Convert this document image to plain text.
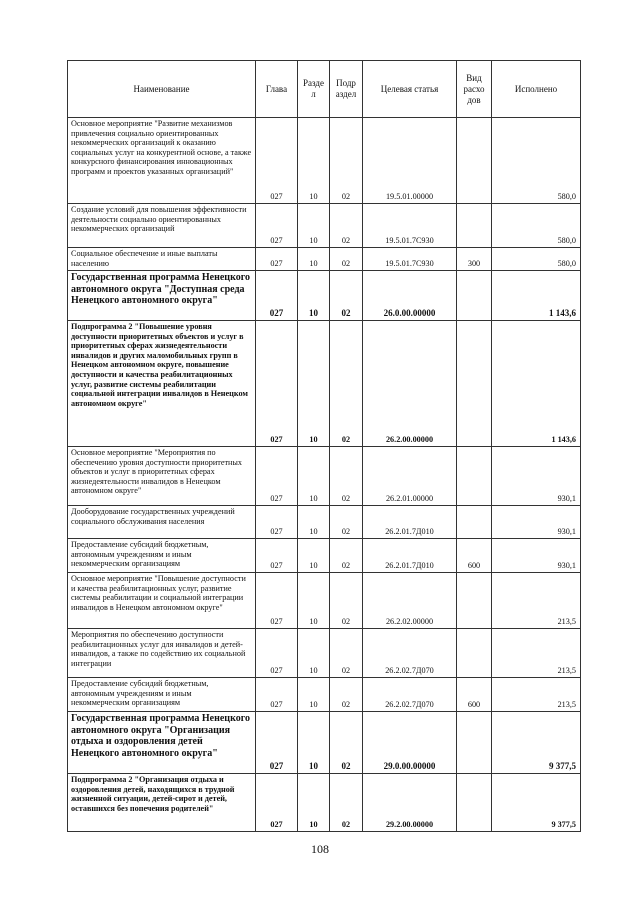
Наименование	Глава	Разде л	Подр аздел	Целевая статья	Вид расхо дов	Исполнено
Основное мероприятие "Развитие механизмов привлечения социально ориентированных некоммерческих организаций к оказанию социальных услуг на конкурентной основе, а также конкурсного финансирования инновационных программ и проектов указанных организаций"	027	10	02	19.5.01.00000		580,0
Создание условий для повышения эффективности деятельности социально ориентированных некоммерческих организаций	027	10	02	19.5.01.7С930		580,0
Социальное обеспечение и иные выплаты населению	027	10	02	19.5.01.7С930	300	580,0
Государственная программа Ненецкого автономного округа "Доступная среда Ненецкого автономного округа"	027	10	02	26.0.00.00000		1 143,6
Подпрограмма 2 "Повышение уровня доступности приоритетных объектов и услуг в приоритетных сферах жизнедеятельности инвалидов и других маломобильных групп в Ненецком автономном округе, повышение доступности и качества реабилитационных услуг, развитие системы реабилитации социальной интеграции инвалидов в Ненецком автономном округе"	027	10	02	26.2.00.00000		1 143,6
Основное мероприятие "Мероприятия по обеспечению уровня доступности приоритетных объектов и услуг в приоритетных сферах жизнедеятельности инвалидов в Ненецком автономном округе"	027	10	02	26.2.01.00000		930,1
Дооборудование государственных учреждений социального обслуживания населения	027	10	02	26.2.01.7Д010		930,1
Предоставление субсидий бюджетным, автономным учреждениям и иным некоммерческим организациям	027	10	02	26.2.01.7Д010	600	930,1
Основное мероприятие "Повышение доступности и качества реабилитационных услуг, развитие системы реабилитации и социальной интеграции инвалидов в Ненецком автономном округе"	027	10	02	26.2.02.00000		213,5
Мероприятия по обеспечению доступности реабилитационных услуг для инвалидов и детей-инвалидов, а также по содействию их социальной интеграции	027	10	02	26.2.02.7Д070		213,5
Предоставление субсидий бюджетным, автономным учреждениям и иным некоммерческим организациям	027	10	02	26.2.02.7Д070	600	213,5
Государственная программа Ненецкого автономного округа "Организация отдыха и оздоровления детей Ненецкого автономного округа"	027	10	02	29.0.00.00000		9 377,5
Подпрограмма 2 "Организация отдыха и оздоровления детей, находящихся в трудной жизненной ситуации, детей-сирот и детей, оставшихся без попечения родителей"	027	10	02	29.2.00.00000		9 377,5
108
